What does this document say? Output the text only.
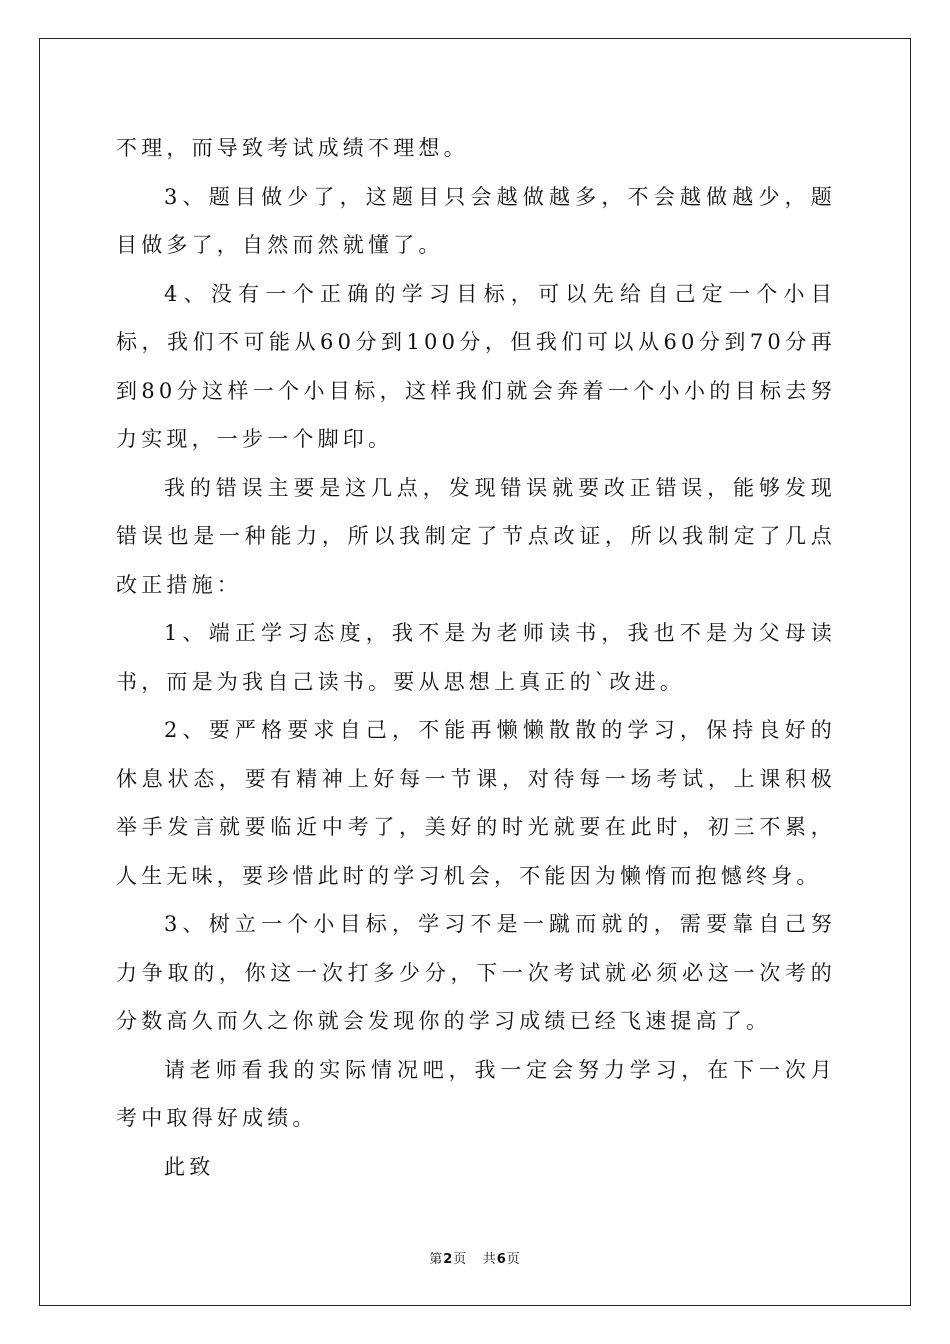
不理，而导致考试成绩不理想。

3、题目做少了，这题目只会越做越多，不会越做越少，题目做多了，自然而然就懂了。

4、没有一个正确的学习目标，可以先给自己定一个小目标，我们不可能从60分到100分，但我们可以从60分到70分再到80分这样一个小目标，这样我们就会奔着一个小小的目标去努力实现，一步一个脚印。

我的错误主要是这几点，发现错误就要改正错误，能够发现错误也是一种能力，所以我制定了节点改证，所以我制定了几点改正措施：

1、端正学习态度，我不是为老师读书，我也不是为父母读书，而是为我自己读书。要从思想上真正的`改进。

2、要严格要求自己，不能再懒懒散散的学习，保持良好的休息状态，要有精神上好每一节课，对待每一场考试，上课积极举手发言就要临近中考了，美好的时光就要在此时，初三不累，人生无味，要珍惜此时的学习机会，不能因为懒惰而抱憾终身。

3、树立一个小目标，学习不是一蹴而就的，需要靠自己努力争取的，你这一次打多少分，下一次考试就必须必这一次考的分数高久而久之你就会发现你的学习成绩已经飞速提高了。

请老师看我的实际情况吧，我一定会努力学习，在下一次月考中取得好成绩。

此致

第2页 共6页
